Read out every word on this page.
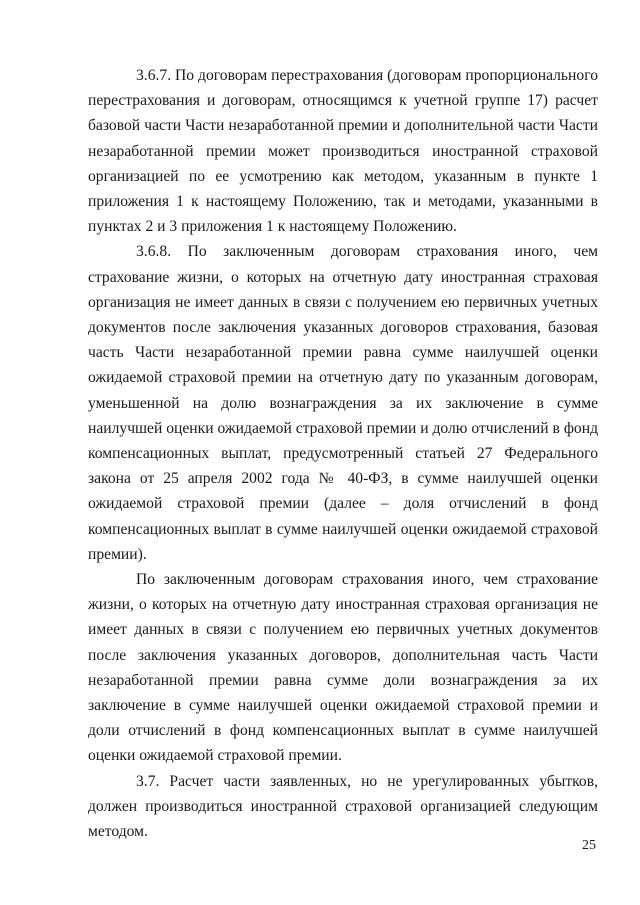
3.6.7. По договорам перестрахования (договорам пропорционального перестрахования и договорам, относящимся к учетной группе 17) расчет базовой части Части незаработанной премии и дополнительной части Части незаработанной премии может производиться иностранной страховой организацией по ее усмотрению как методом, указанным в пункте 1 приложения 1 к настоящему Положению, так и методами, указанными в пунктах 2 и 3 приложения 1 к настоящему Положению.

3.6.8. По заключенным договорам страхования иного, чем страхование жизни, о которых на отчетную дату иностранная страховая организация не имеет данных в связи с получением ею первичных учетных документов после заключения указанных договоров страхования, базовая часть Части незаработанной премии равна сумме наилучшей оценки ожидаемой страховой премии на отчетную дату по указанным договорам, уменьшенной на долю вознаграждения за их заключение в сумме наилучшей оценки ожидаемой страховой премии и долю отчислений в фонд компенсационных выплат, предусмотренный статьей 27 Федерального закона от 25 апреля 2002 года № 40-ФЗ, в сумме наилучшей оценки ожидаемой страховой премии (далее – доля отчислений в фонд компенсационных выплат в сумме наилучшей оценки ожидаемой страховой премии).

По заключенным договорам страхования иного, чем страхование жизни, о которых на отчетную дату иностранная страховая организация не имеет данных в связи с получением ею первичных учетных документов после заключения указанных договоров, дополнительная часть Части незаработанной премии равна сумме доли вознаграждения за их заключение в сумме наилучшей оценки ожидаемой страховой премии и доли отчислений в фонд компенсационных выплат в сумме наилучшей оценки ожидаемой страховой премии.

3.7. Расчет части заявленных, но не урегулированных убытков, должен производиться иностранной страховой организацией следующим методом.

25
